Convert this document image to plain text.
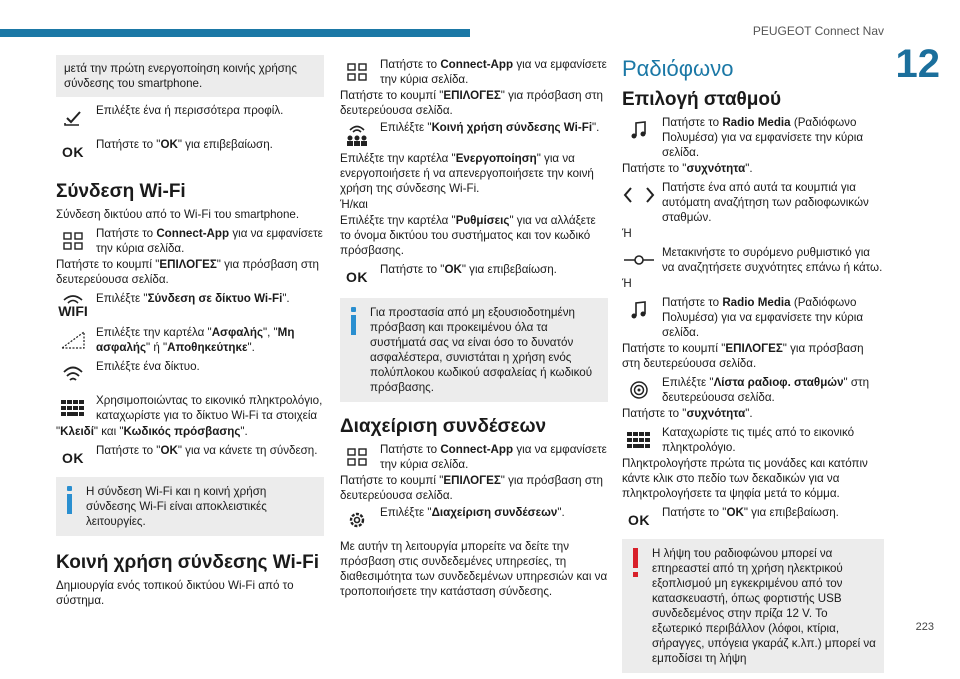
PEUGEOT Connect Nav
12
223
μετά την πρώτη ενεργοποίηση κοινής χρήσης σύνδεσης του smartphone.
Επιλέξτε ένα ή περισσότερα προφίλ.
OK	Πατήστε το "OK" για επιβεβαίωση.
Σύνδεση Wi-Fi
Σύνδεση δικτύου από το Wi-Fi του smartphone.
Πατήστε το Connect-App για να εμφανίσετε την κύρια σελίδα.
Πατήστε το κουμπί "ΕΠΙΛΟΓΕΣ" για πρόσβαση στη δευτερεύουσα σελίδα.
WIFI
Επιλέξτε "Σύνδεση σε δίκτυο Wi-Fi".
Επιλέξτε την καρτέλα "Ασφαλής", "Μη ασφαλής" ή "Αποθηκεύτηκε".
Επιλέξτε ένα δίκτυο.
Χρησιμοποιώντας το εικονικό πληκτρολόγιο, καταχωρίστε για το δίκτυο Wi-Fi τα στοιχεία
"Κλειδί" και "Κωδικός πρόσβασης".
OK	Πατήστε το "OK" για να κάνετε τη σύνδεση.
Η σύνδεση Wi-Fi και η κοινή χρήση σύνδεσης Wi-Fi είναι αποκλειστικές λειτουργίες.
Κοινή χρήση σύνδεσης Wi-Fi
Δημιουργία ενός τοπικού δικτύου Wi-Fi από το σύστημα.
Πατήστε το Connect-App για να εμφανίσετε την κύρια σελίδα.
Πατήστε το κουμπί "ΕΠΙΛΟΓΕΣ" για πρόσβαση στη δευτερεύουσα σελίδα.
Επιλέξτε "Κοινή χρήση σύνδεσης Wi-Fi".
Επιλέξτε την καρτέλα "Ενεργοποίηση" για να ενεργοποιήσετε ή να απενεργοποιήσετε την κοινή χρήση της σύνδεσης Wi-Fi.
Ή/και
Επιλέξτε την καρτέλα "Ρυθμίσεις" για να αλλάξετε το όνομα δικτύου του συστήματος και τον κωδικό πρόσβασης.
OK	Πατήστε το "OK" για επιβεβαίωση.
Για προστασία από μη εξουσιοδοτημένη πρόσβαση και προκειμένου όλα τα συστήματά σας να είναι όσο το δυνατόν ασφαλέστερα, συνιστάται η χρήση ενός πολύπλοκου κωδικού ασφαλείας ή κωδικού πρόσβασης.
Διαχείριση συνδέσεων
Πατήστε το Connect-App για να εμφανίσετε την κύρια σελίδα.
Πατήστε το κουμπί "ΕΠΙΛΟΓΕΣ" για πρόσβαση στη δευτερεύουσα σελίδα.
Επιλέξτε "Διαχείριση συνδέσεων".
Με αυτήν τη λειτουργία μπορείτε να δείτε την πρόσβαση στις συνδεδεμένες υπηρεσίες, τη διαθεσιμότητα των συνδεδεμένων υπηρεσιών και να τροποποιήσετε την κατάσταση σύνδεσης.
Ραδιόφωνο
Επιλογή σταθμού
Πατήστε το Radio Media (Ραδιόφωνο Πολυμέσα) για να εμφανίσετε την κύρια σελίδα.
Πατήστε το "συχνότητα".
Πατήστε ένα από αυτά τα κουμπιά για αυτόματη αναζήτηση των ραδιοφωνικών σταθμών.
Ή
Μετακινήστε το συρόμενο ρυθμιστικό για να αναζητήσετε συχνότητες επάνω ή κάτω.
Ή
Πατήστε το Radio Media (Ραδιόφωνο Πολυμέσα) για να εμφανίσετε την κύρια σελίδα.
Πατήστε το κουμπί "ΕΠΙΛΟΓΕΣ" για πρόσβαση στη δευτερεύουσα σελίδα.
Επιλέξτε "Λίστα ραδιοφ. σταθμών" στη δευτερεύουσα σελίδα.
Πατήστε το "συχνότητα".
Καταχωρίστε τις τιμές από το εικονικό πληκτρολόγιο.
Πληκτρολογήστε πρώτα τις μονάδες και κατόπιν κάντε κλικ στο πεδίο των δεκαδικών για να πληκτρολογήσετε τα ψηφία μετά το κόμμα.
OK	Πατήστε το "OK" για επιβεβαίωση.
Η λήψη του ραδιοφώνου μπορεί να επηρεαστεί από τη χρήση ηλεκτρικού εξοπλισμού μη εγκεκριμένου από τον κατασκευαστή, όπως φορτιστής USB συνδεδεμένος στην πρίζα 12 V. Το εξωτερικό περιβάλλον (λόφοι, κτίρια, σήραγγες, υπόγεια γκαράζ κ.λπ.) μπορεί να εμποδίσει τη λήψη
